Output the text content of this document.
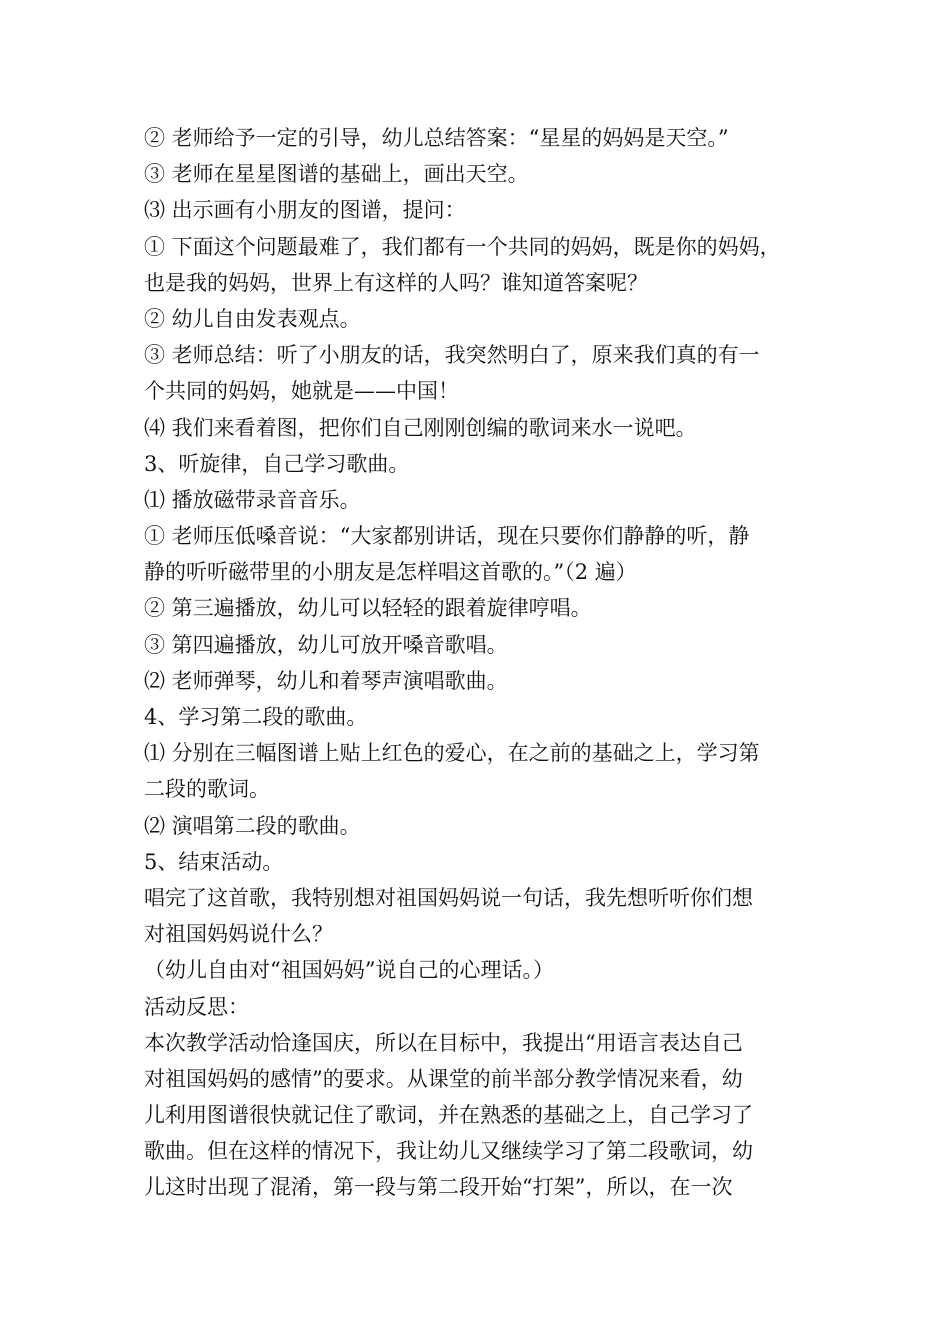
② 老师给予一定的引导，幼儿总结答案：“星星的妈妈是天空。”
③ 老师在星星图谱的基础上，画出天空。
⑶ 出示画有小朋友的图谱，提问：
① 下面这个问题最难了，我们都有一个共同的妈妈，既是你的妈妈，
也是我的妈妈，世界上有这样的人吗？谁知道答案呢？
② 幼儿自由发表观点。
③ 老师总结：听了小朋友的话，我突然明白了，原来我们真的有一
个共同的妈妈，她就是——中国！
⑷ 我们来看着图，把你们自己刚刚创编的歌词来水一说吧。
3、听旋律，自己学习歌曲。
⑴ 播放磁带录音音乐。
① 老师压低嗓音说：“大家都别讲话，现在只要你们静静的听，静
静的听听磁带里的小朋友是怎样唱这首歌的。”（2 遍）
② 第三遍播放，幼儿可以轻轻的跟着旋律哼唱。
③ 第四遍播放，幼儿可放开嗓音歌唱。
⑵ 老师弹琴，幼儿和着琴声演唱歌曲。
4、学习第二段的歌曲。
⑴ 分别在三幅图谱上贴上红色的爱心，在之前的基础之上，学习第
二段的歌词。
⑵ 演唱第二段的歌曲。
5、结束活动。
唱完了这首歌，我特别想对祖国妈妈说一句话，我先想听听你们想
对祖国妈妈说什么？
（幼儿自由对“祖国妈妈”说自己的心理话。）
活动反思：
本次教学活动恰逢国庆，所以在目标中，我提出“用语言表达自己
对祖国妈妈的感情”的要求。从课堂的前半部分教学情况来看，幼
儿利用图谱很快就记住了歌词，并在熟悉的基础之上，自己学习了
歌曲。但在这样的情况下，我让幼儿又继续学习了第二段歌词，幼
儿这时出现了混淆，第一段与第二段开始“打架”，所以，在一次
